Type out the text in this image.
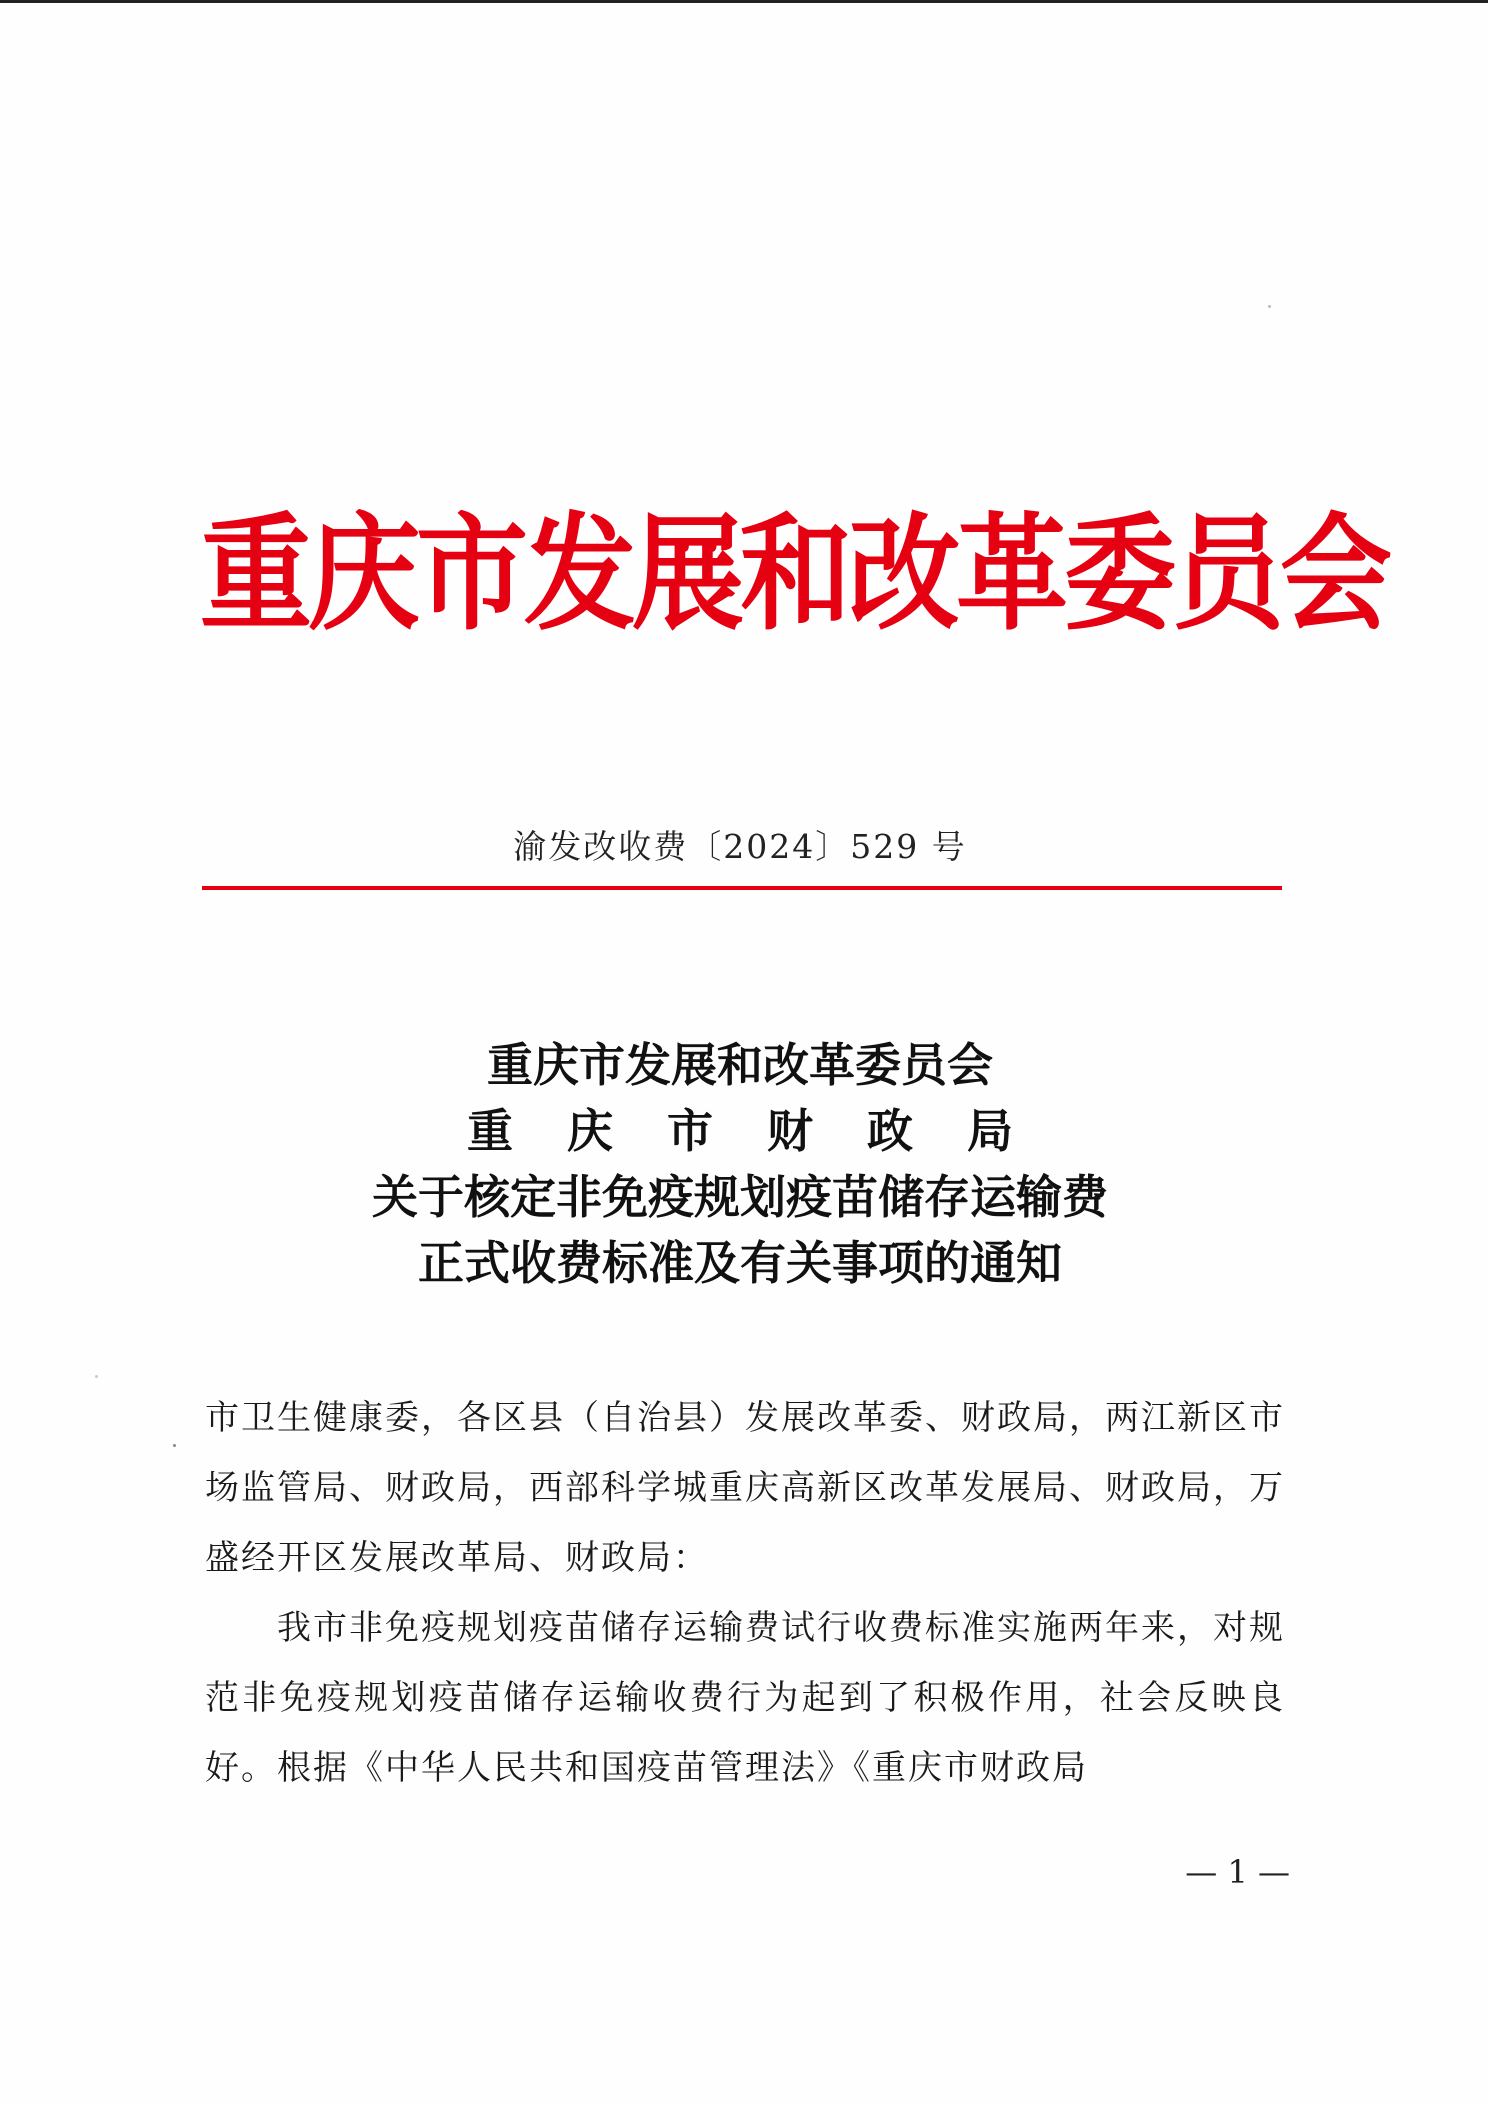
重庆市发展和改革委员会
渝发改收费〔2024〕529 号
重庆市发展和改革委员会
重庆市财政局
关于核定非免疫规划疫苗储存运输费
正式收费标准及有关事项的通知

市卫生健康委，各区县（自治县）发展改革委、财政局，两江新区市场监管局、财政局，西部科学城重庆高新区改革发展局、财政局，万盛经开区发展改革局、财政局：

我市非免疫规划疫苗储存运输费试行收费标准实施两年来，对规范非免疫规划疫苗储存运输收费行为起到了积极作用，社会反映良好。根据《中华人民共和国疫苗管理法》《重庆市财政局

— 1 —
